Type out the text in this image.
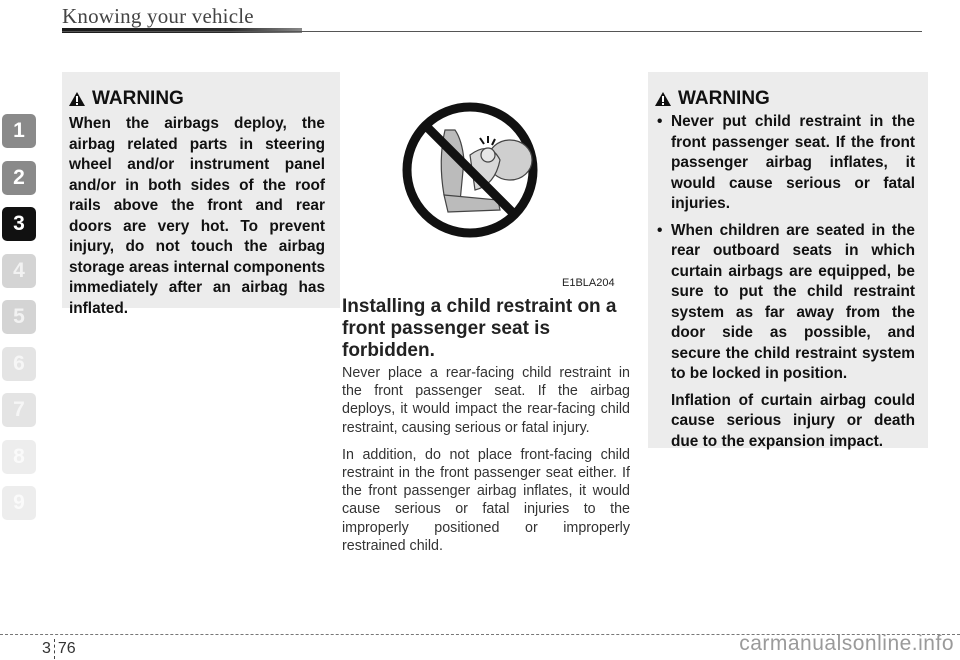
Knowing your vehicle
1
2
3
4
5
6
7
8
9
WARNING

When the airbags deploy, the airbag related parts in steering wheel and/or instrument panel and/or in both sides of the roof rails above the front and rear doors are very hot. To prevent injury, do not touch the airbag storage areas internal components immediately after an airbag has inflated.

E1BLA204
Installing a child restraint on a front passenger seat is forbidden.

Never place a rear-facing child restraint in the front passenger seat. If the airbag deploys, it would impact the rear-facing child restraint, causing serious or fatal injury.

In addition, do not place front-facing child restraint in the front passenger seat either. If the front passenger airbag inflates, it would cause serious or fatal injuries to the improperly positioned or improperly restrained child.

WARNING
• Never put child restraint in the front passenger seat. If the front passenger airbag inflates, it would cause serious or fatal injuries.
• When children are seated in the rear outboard seats in which curtain airbags are equipped, be sure to put the child restraint system as far away from the door side as possible, and secure the child restraint system to be locked in position.
Inflation of curtain airbag could cause serious injury or death due to the expansion impact.
3 76	carmanualsonline.info
